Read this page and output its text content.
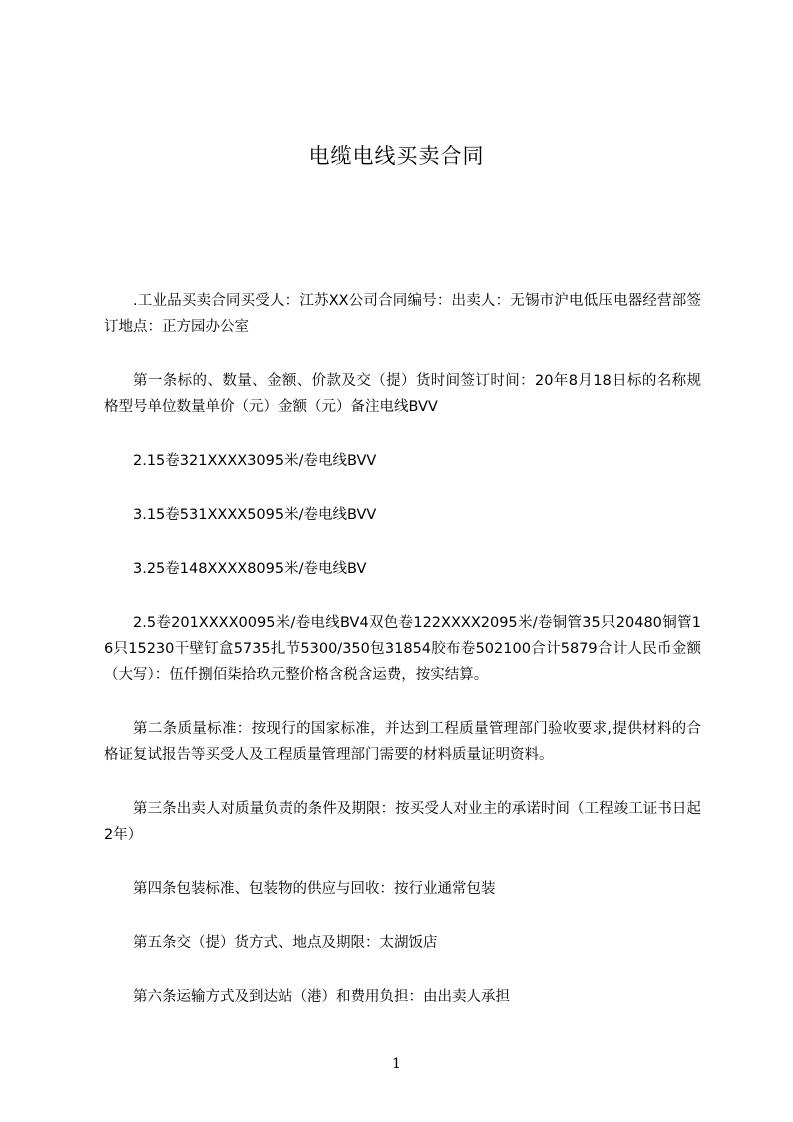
电缆电线买卖合同

.工业品买卖合同买受人：江苏XX公司合同编号：出卖人：无锡市沪电低压电器经营部签订地点：正方园办公室

第一条标的、数量、金额、价款及交（提）货时间签订时间：20年8月18日标的名称规格型号单位数量单价（元）金额（元）备注电线BVV

2.15卷321XXXX3095米/卷电线BVV

3.15卷531XXXX5095米/卷电线BVV

3.25卷148XXXX8095米/卷电线BV

2.5卷201XXXX0095米/卷电线BV4双色卷122XXXX2095米/卷铜管35只20480铜管16只15230干壁钉盒5735扎节5300/350包31854胶布卷502100合计5879合计人民币金额（大写）：伍仟捌佰柒拾玖元整价格含税含运费，按实结算。

第二条质量标准：按现行的国家标准，并达到工程质量管理部门验收要求,提供材料的合格证复试报告等买受人及工程质量管理部门需要的材料质量证明资料。

第三条出卖人对质量负责的条件及期限：按买受人对业主的承诺时间（工程竣工证书日起2年）

第四条包装标准、包装物的供应与回收：按行业通常包装

第五条交（提）货方式、地点及期限：太湖饭店

第六条运输方式及到达站（港）和费用负担：由出卖人承担

1
